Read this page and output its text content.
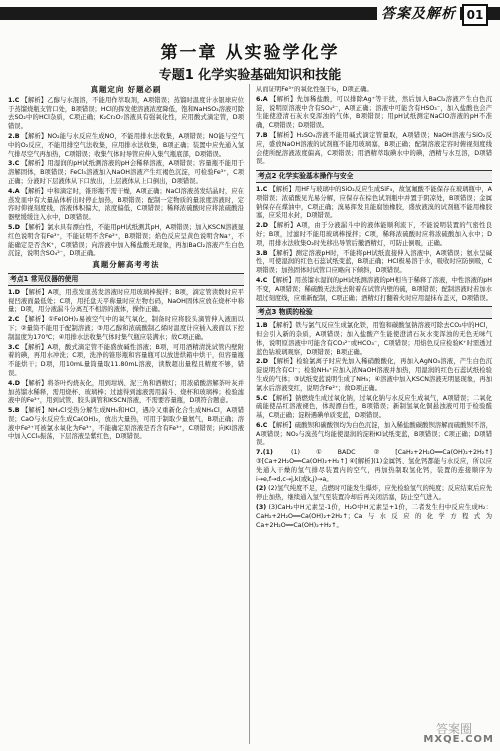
答案及解析 01
第一章 从实验学化学
专题1 化学实验基础知识和技能
真题定向 好题必刷
1.C 【解析】乙醇与水混溶，不能用作萃取剂，A项错误；蒸馏时温度计水银球应位于蒸馏烧瓶支管口处，B项错误；HCl的挥发使溶液浓度降低，饱和NaHSO₃溶液可除去SO₂中的HCl杂质，C项正确；K₂Cr₂O₇溶液具有强氧化性，应用酸式滴定管，D项错误。
2.B 【解析】NO₂能与水反应生成NO，不能用排水法收集，A项错误；NO能与空气中的O₂反应，不能用排空气法收集，应用排水法收集，B项正确；装置中应先通入氢气排尽空气再加热，C项错误；收集气体时导管应伸入集气瓶底部，D项错误。
3.C 【解析】用湿润的pH试纸测溶液的pH会稀释溶液，A项错误；容量瓶不能用于溶解固体，B项错误；FeCl₃溶液加入NaOH溶液产生红褐色沉淀，可检验Fe³⁺，C项正确；分液时下层液体从下口放出，上层液体从上口倒出，D项错误。
4.A 【解析】中和滴定时，锥形瓶不需干燥，A项正确；NaCl溶液蒸发结晶时，应在蒸发皿中有大量晶体析出时停止加热，B项错误；配制一定物质的量浓度溶液时，定容时仰视刻度线，溶液体积偏大，浓度偏低，C项错误；稀释浓硫酸时应将浓硫酸沿器壁缓缓注入水中，D项错误。
5.D 【解析】氯水具有漂白性，不能用pH试纸测其pH，A项错误；加入KSCN溶液显红色说明含有Fe³⁺，不能证明不含Fe²⁺，B项错误；焰色反应呈黄色说明含Na⁺，不能确定是否含K⁺，C项错误；向溶液中加入稀盐酸无现象，再加BaCl₂溶液产生白色沉淀，说明含SO₄²⁻，D项正确。
真题分解高考考法
考点1 常见仪器的使用
1.D 【解析】A项，用蒸发皿蒸发溶液时应用玻璃棒搅拌；B项，滴定管读数时应平视凹液面最低处；C项，用托盘天平称量时应左物右码，NaOH固体应放在烧杯中称量；D项，用分液漏斗分离互不相溶的液体，操作正确。
2.C 【解析】①Fe(OH)₂易被空气中的氧气氧化，制备时应将胶头滴管伸入液面以下；②量筒不能用于配制溶液；③用乙醇和浓硫酸制乙烯时温度计应插入液面以下控制温度为170℃；④用排水法收集气体时集气瓶应装满水；故C项正确。
3.C 【解析】A项，酸式滴定管不能盛放碱性溶液；B项，可用酒精清洗试管内壁附着的碘，再用水冲洗；C项，洗净的锥形瓶和容量瓶可以放进烘箱中烘干，但容量瓶不能烘干；D项，用10mL量筒量取11.80mL溶液，读数超出量程且精度不够，错误。
4.D 【解析】将茶叶灼烧灰化，用到坩埚、泥三角和酒精灯；用浓硝酸溶解茶叶灰并加蒸馏水稀释，需用烧杯、玻璃棒；过滤得到滤液需用漏斗、烧杯和玻璃棒；检验滤液中的Fe³⁺，用到试管、胶头滴管和KSCN溶液，不需要容量瓶，D项符合题意。
5.B 【解析】NH₄Cl受热分解生成NH₃和HCl，遇冷又重新化合生成NH₄Cl，A项错误；CaO与水反应生成Ca(OH)₂，放出大量热，可用于制取少量氨气，B项正确；溶液中Fe²⁺可被氯水氧化为Fe³⁺，不能确定原溶液是否含有Fe³⁺，C项错误；向KI溶液中加入CCl₄振荡，下层溶液呈紫红色，D项错误。
从而证明Fe³⁺的氧化性强于I₂，D项正确。
6.A 【解析】先加稀盐酸，可以排除Ag⁺等干扰，然后加入BaCl₂溶液产生白色沉淀，说明原溶液中含有SO₄²⁻，A项正确；溶液中可能含有HSO₃⁻，加入盐酸也会产生能使澄清石灰水变浑浊的气体，B项错误；用pH试纸测定NaClO溶液的pH不准确，C项错误；D项错误。
7.B 【解析】H₂SO₄溶液不能用碱式滴定管量取，A项错误；NaOH溶液与SiO₂反应，盛放NaOH溶液的试剂瓶不能用玻璃塞，B项正确；配制溶液定容时俯视刻度线会使所配溶液浓度偏高，C项错误；用酒精萃取碘水中的碘，酒精与水互溶，D项错误。
考点2 化学实验基本操作与安全
1.C 【解析】用HF与玻璃中的SiO₂反应生成SiF₄，故氢氟酸不能保存在玻璃瓶中，A项错误；浓硝酸见光易分解，应保存在棕色试剂瓶中并置于阴凉处，B项错误；金属钠保存在煤油中，C项正确；溴易挥发且能腐蚀橡胶，盛放液溴的试剂瓶不能用橡胶塞，应采用水封，D项错误。
2.D 【解析】A项，由于分液漏斗中的液体能顺利流下，不能说明装置的气密性良好；B项，过滤时不能用玻璃棒搅拌；C项，稀释浓硫酸时应将浓硫酸加入水中；D项，用排水法收集O₂时先移出导管后撤酒精灯，可防止倒吸，正确。
3.B 【解析】测定溶液pH时，不能将pH试纸直接伸入溶液中，A项错误；氨水呈碱性，可使湿润的红色石蕊试纸变蓝，B项正确；HCl极易溶于水，吸收时应防倒吸，C项错误；加热固体时试管口应略向下倾斜，D项错误。
4.C 【解析】用蒸馏水湿润的pH试纸测溶液的pH相当于稀释了溶液，中性溶液的pH不变，A项错误；稀硫酸无法洗去附着在试管内壁的硫，B项错误；配制溶液时若加水超过刻度线，应重新配制，C项正确；酒精灯打翻着火时应用湿抹布盖灭，D项错误。
考点3 物质的检验
1.B 【解析】铁与氯气反应生成氯化铁，用饱和碳酸氢钠溶液可除去CO₂中的HCl，但会引入新的杂质，A项错误；加入盐酸产生能使澄清石灰水变浑浊的无色无味气体，说明原溶液中可能含有CO₃²⁻或HCO₃⁻，C项错误；用焰色反应检验K⁺时需透过蓝色钴玻璃观察，D项错误；B项正确。
2.D 【解析】检验氯离子时应先加入稀硝酸酸化，再加入AgNO₃溶液，产生白色沉淀说明含有Cl⁻；检验NH₄⁺应加入浓NaOH溶液并加热，用湿润的红色石蕊试纸检验生成的气体；③试纸变蓝说明生成了NH₃；④溶液中加入KSCN溶液无明显现象，再加氯水后溶液变红，说明含Fe²⁺；故D项正确。
5.C 【解析】钠燃烧生成过氧化钠，过氧化钠与水反应生成氧气，A项错误；二氧化硫能使品红溶液褪色，体现漂白性，B项错误；新制氢氧化铜悬浊液可用于检验醛基，C项正确；淀粉遇碘单质变蓝，D项错误。
6.C 【解析】硫酸钡和碳酸钡均为白色沉淀，加入稀盐酸碳酸钡溶解而硫酸钡不溶，A项错误；NO₂与溴蒸气均能使湿润的淀粉KI试纸变蓝，B项错误；C项正确；D项错误。
7.(1)	(1)①BADC ②[CaH₂+2H₂O══Ca(OH)₂+2H₂↑] ③[Ca+2H₂O══Ca(OH)₂+H₂↑] ④[解析](1)金属钙、氢化钙都能与水反应，所以应先通入干燥的氢气排尽装置内的空气，再加热制取氢化钙，装置的连接顺序为i→e,f→d,c→j,k(或k,j)→a。
(2) (2)氢气纯度不足，点燃时可能发生爆炸，应先检验氢气的纯度；反应结束后应先停止加热，继续通入氢气至装置冷却后再关闭活塞，防止空气进入。
(3) (3)CaH₂中H元素呈-1价，H₂O中H元素呈+1价，二者发生归中反应生成H₂：CaH₂+2H₂O══Ca(OH)₂+2H₂↑；Ca与水反应的化学方程式为Ca+2H₂O══Ca(OH)₂+H₂↑。
答案圈
MXQE.COM
